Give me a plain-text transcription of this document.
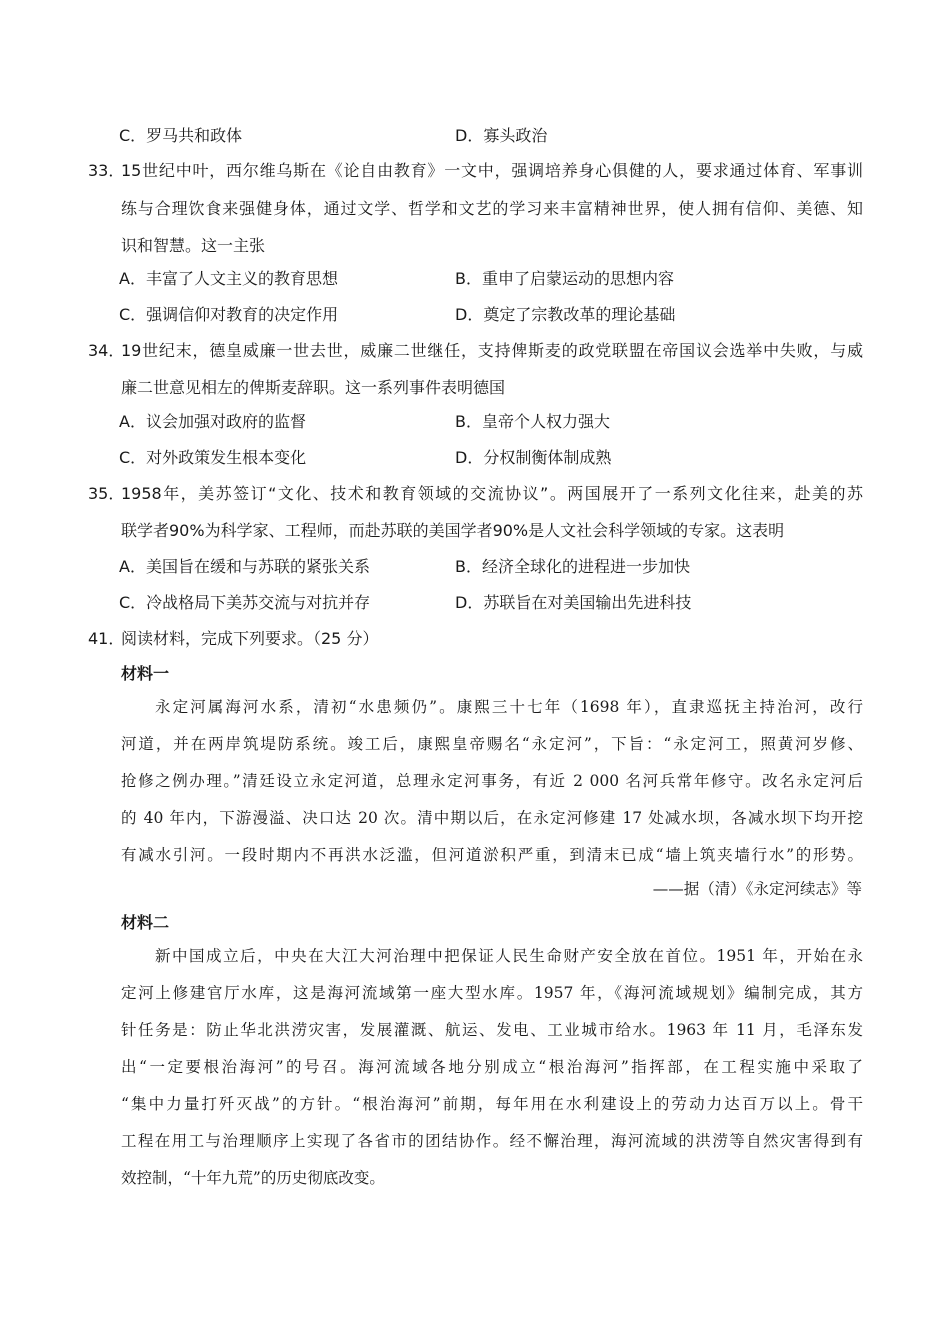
C．罗马共和政体	D．寡头政治
33．
15世纪中叶，西尔维乌斯在《论自由教育》一文中，强调培养身心俱健的人，要求通过体育、军事训
练与合理饮食来强健身体，通过文学、哲学和文艺的学习来丰富精神世界，使人拥有信仰、美德、知
识和智慧。这一主张
A．丰富了人文主义的教育思想	B．重申了启蒙运动的思想内容
C．强调信仰对教育的决定作用	D．奠定了宗教改革的理论基础
34．
19世纪末，德皇威廉一世去世，威廉二世继任，支持俾斯麦的政党联盟在帝国议会选举中失败，与威
廉二世意见相左的俾斯麦辞职。这一系列事件表明德国
A．议会加强对政府的监督	B．皇帝个人权力强大
C．对外政策发生根本变化	D．分权制衡体制成熟
35．
1958年，美苏签订“文化、技术和教育领域的交流协议”。两国展开了一系列文化往来，赴美的苏
联学者90%为科学家、工程师，而赴苏联的美国学者90%是人文社会科学领域的专家。这表明
A．美国旨在缓和与苏联的紧张关系	B．经济全球化的进程进一步加快
C．冷战格局下美苏交流与对抗并存	D．苏联旨在对美国输出先进科技
41．
阅读材料，完成下列要求。（25 分）
材料一
永定河属海河水系，清初“水患频仍”。康熙三十七年（1698 年），直隶巡抚主持治河，改行
河道，并在两岸筑堤防系统。竣工后，康熙皇帝赐名“永定河”，下旨：“永定河工，照黄河岁修、
抢修之例办理。”清廷设立永定河道，总理永定河事务，有近 2 000 名河兵常年修守。改名永定河后
的 40 年内，下游漫溢、决口达 20 次。清中期以后，在永定河修建 17 处减水坝，各减水坝下均开挖
有减水引河。一段时期内不再洪水泛滥，但河道淤积严重，到清末已成“墙上筑夹墙行水”的形势。
——据（清）《永定河续志》等
材料二
新中国成立后，中央在大江大河治理中把保证人民生命财产安全放在首位。1951 年，开始在永
定河上修建官厅水库，这是海河流域第一座大型水库。1957 年，《海河流域规划》编制完成，其方
针任务是：防止华北洪涝灾害，发展灌溉、航运、发电、工业城市给水。1963 年 11 月，毛泽东发
出“一定要根治海河”的号召。海河流域各地分别成立“根治海河”指挥部，在工程实施中采取了
“集中力量打歼灭战”的方针。“根治海河”前期，每年用在水利建设上的劳动力达百万以上。骨干
工程在用工与治理顺序上实现了各省市的团结协作。经不懈治理，海河流域的洪涝等自然灾害得到有
效控制，“十年九荒”的历史彻底改变。
